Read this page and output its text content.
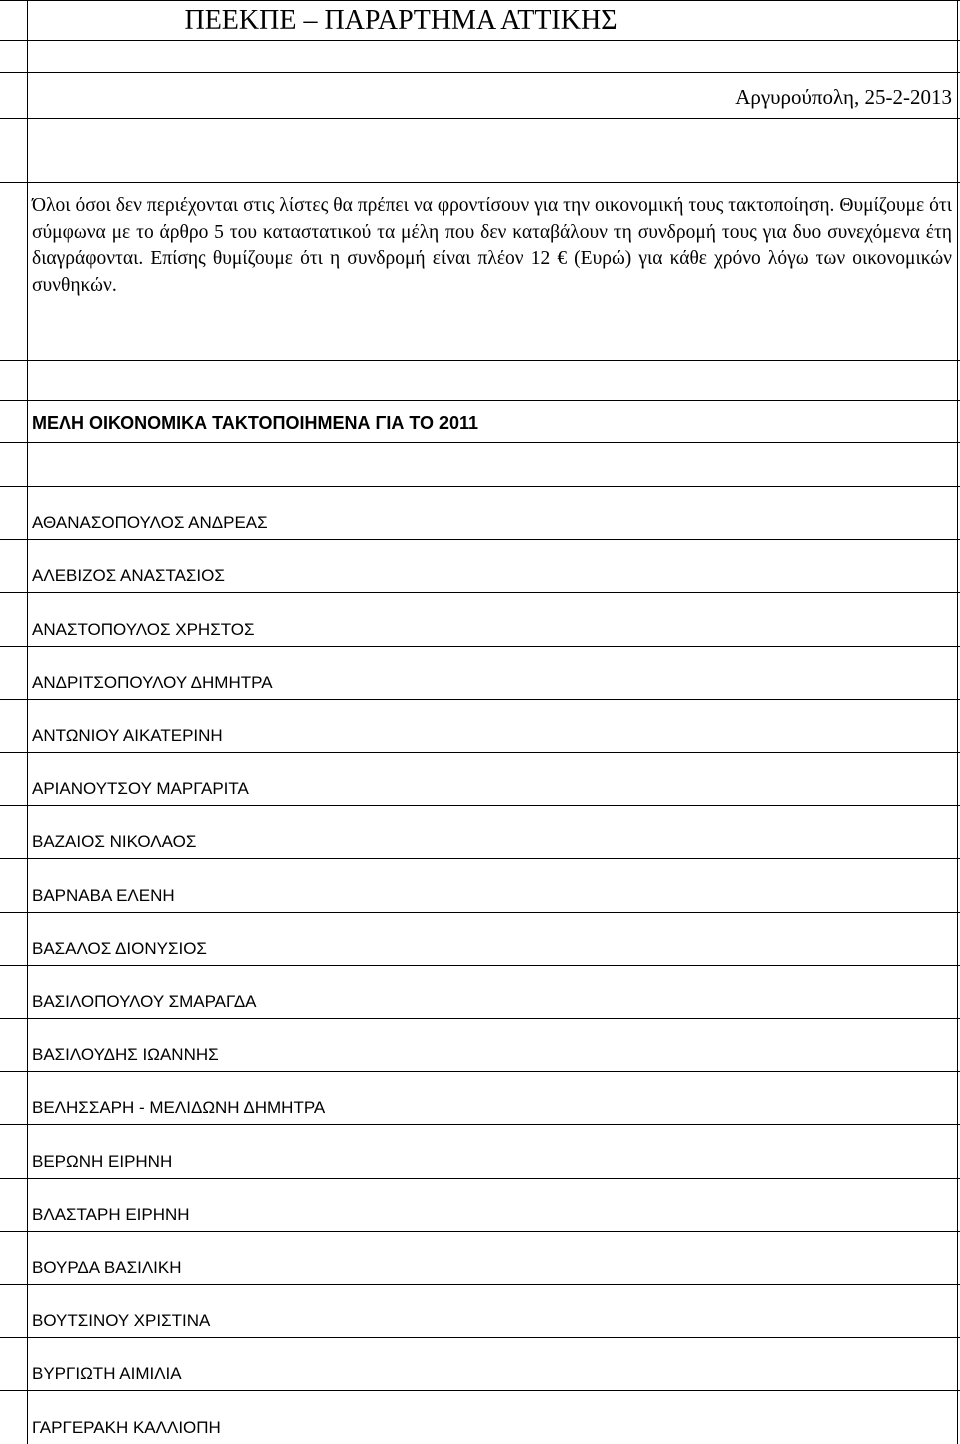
ΠΕΕΚΠΕ – ΠΑΡΑΡΤΗΜΑ ΑΤΤΙΚΗΣ
Αργυρούπολη, 25-2-2013
Όλοι όσοι δεν περιέχονται στις λίστες θα πρέπει να φροντίσουν για την οικονομική τους τακτοποίηση. Θυμίζουμε ότι σύμφωνα με το άρθρο 5 του καταστατικού τα μέλη που δεν καταβάλουν τη συνδρομή τους για δυο συνεχόμενα έτη διαγράφονται. Επίσης θυμίζουμε ότι η συνδρομή είναι πλέον 12 € (Ευρώ) για κάθε χρόνο λόγω των οικονομικών συνθηκών.
ΜΕΛΗ ΟΙΚΟΝΟΜΙΚΑ ΤΑΚΤΟΠΟΙΗΜΕΝΑ ΓΙΑ ΤΟ 2011
ΑΘΑΝΑΣΟΠΟΥΛΟΣ ΑΝΔΡΕΑΣ
ΑΛΕΒΙΖΟΣ ΑΝΑΣΤΑΣΙΟΣ
ΑΝΑΣΤΟΠΟΥΛΟΣ ΧΡΗΣΤΟΣ
ΑΝΔΡΙΤΣΟΠΟΥΛΟΥ ΔΗΜΗΤΡΑ
ΑΝΤΩΝΙΟΥ ΑΙΚΑΤΕΡΙΝΗ
ΑΡΙΑΝΟΥΤΣΟΥ ΜΑΡΓΑΡΙΤΑ
ΒΑΖΑΙΟΣ ΝΙΚΟΛΑΟΣ
ΒΑΡΝΑΒΑ ΕΛΕΝΗ
ΒΑΣΑΛΟΣ ΔΙΟΝΥΣΙΟΣ
ΒΑΣΙΛΟΠΟΥΛΟΥ ΣΜΑΡΑΓΔΑ
ΒΑΣΙΛΟΥΔΗΣ ΙΩΑΝΝΗΣ
ΒΕΛΗΣΣΑΡΗ - ΜΕΛΙΔΩΝΗ ΔΗΜΗΤΡΑ
ΒΕΡΩΝΗ ΕΙΡΗΝΗ
ΒΛΑΣΤΑΡΗ ΕΙΡΗΝΗ
ΒΟΥΡΔΑ ΒΑΣΙΛΙΚΗ
ΒΟΥΤΣΙΝΟΥ ΧΡΙΣΤΙΝΑ
ΒΥΡΓΙΩΤΗ ΑΙΜΙΛΙΑ
ΓΑΡΓΕΡΑΚΗ ΚΑΛΛΙΟΠΗ
